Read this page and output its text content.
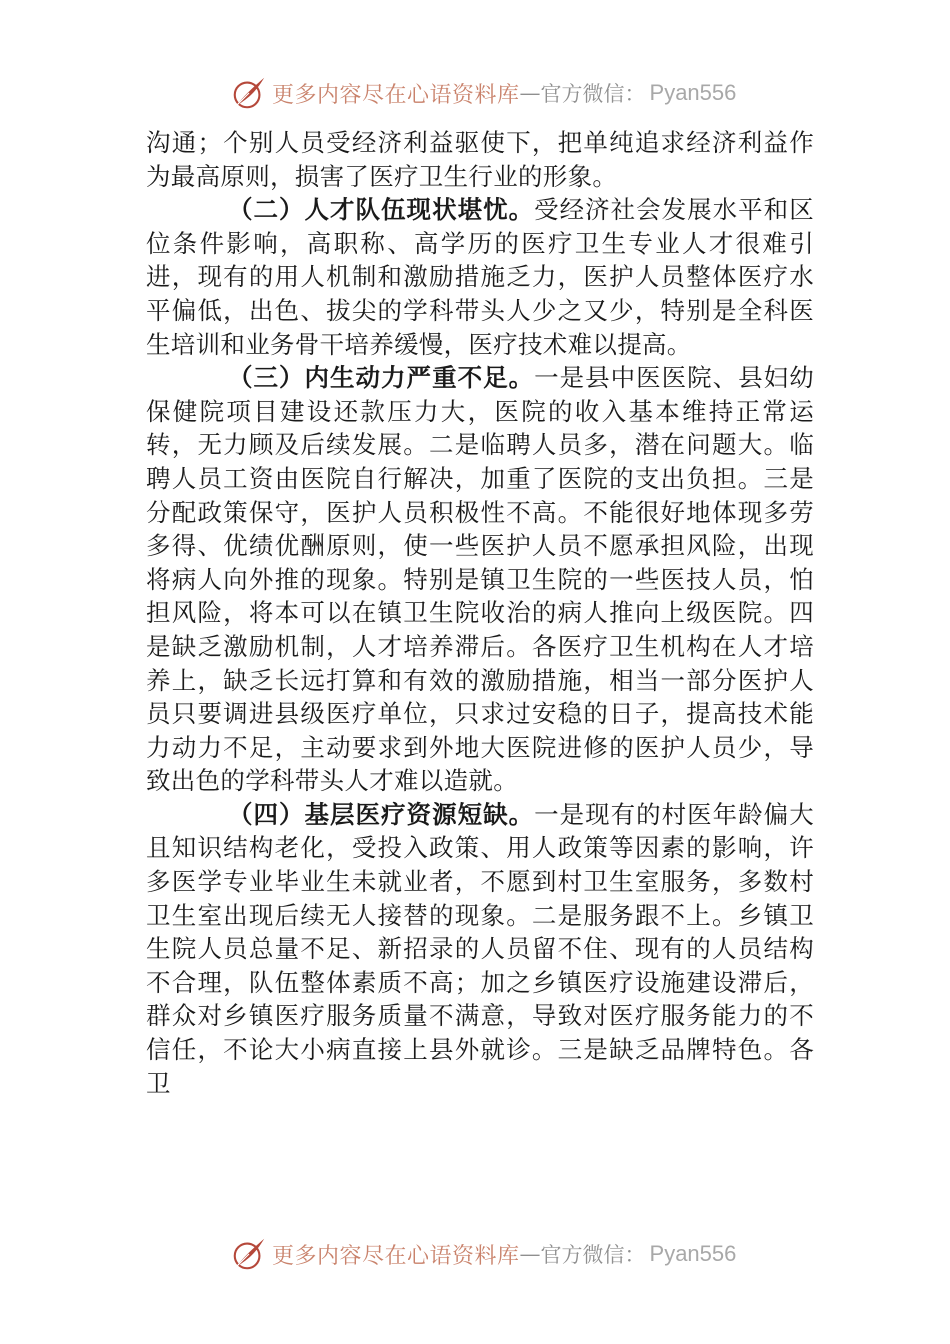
更多内容尽在心语资料库 — 官方微信： Pyan556

沟通；个别人员受经济利益驱使下，把单纯追求经济利益作为最高原则，损害了医疗卫生行业的形象。

（二）人才队伍现状堪忧。受经济社会发展水平和区位条件影响，高职称、高学历的医疗卫生专业人才很难引进，现有的用人机制和激励措施乏力，医护人员整体医疗水平偏低，出色、拔尖的学科带头人少之又少，特别是全科医生培训和业务骨干培养缓慢，医疗技术难以提高。

（三）内生动力严重不足。一是县中医医院、县妇幼保健院项目建设还款压力大，医院的收入基本维持正常运转，无力顾及后续发展。二是临聘人员多，潜在问题大。临聘人员工资由医院自行解决，加重了医院的支出负担。三是分配政策保守，医护人员积极性不高。不能很好地体现多劳多得、优绩优酬原则，使一些医护人员不愿承担风险，出现将病人向外推的现象。特别是镇卫生院的一些医技人员，怕担风险，将本可以在镇卫生院收治的病人推向上级医院。四是缺乏激励机制，人才培养滞后。各医疗卫生机构在人才培养上，缺乏长远打算和有效的激励措施，相当一部分医护人员只要调进县级医疗单位，只求过安稳的日子，提高技术能力动力不足，主动要求到外地大医院进修的医护人员少，导致出色的学科带头人才难以造就。

（四）基层医疗资源短缺。一是现有的村医年龄偏大且知识结构老化，受投入政策、用人政策等因素的影响，许多医学专业毕业生未就业者，不愿到村卫生室服务，多数村卫生室出现后续无人接替的现象。二是服务跟不上。乡镇卫生院人员总量不足、新招录的人员留不住、现有的人员结构不合理，队伍整体素质不高；加之乡镇医疗设施建设滞后，群众对乡镇医疗服务质量不满意，导致对医疗服务能力的不信任，不论大小病直接上县外就诊。三是缺乏品牌特色。各卫

更多内容尽在心语资料库 — 官方微信： Pyan556
